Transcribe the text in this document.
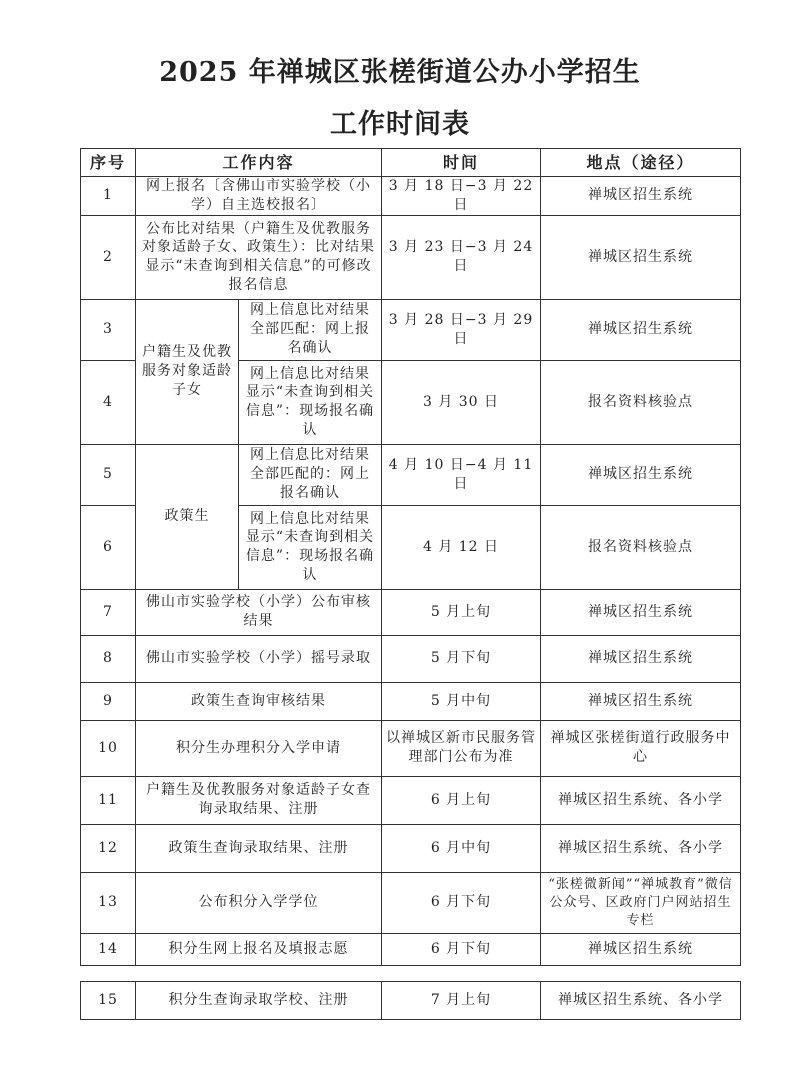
2025 年禅城区张槎街道公办小学招生
工作时间表
序号	工作内容		时间	地点（途径）
1	网上报名〔含佛山市实验学校（小学）自主选校报名〕		3 月 18 日−3 月 22 日	禅城区招生系统
2	公布比对结果（户籍生及优教服务对象适龄子女、政策生）：比对结果显示“未查询到相关信息”的可修改报名信息		3 月 23 日−3 月 24 日	禅城区招生系统
3	户籍生及优教服务对象适龄子女	网上信息比对结果全部匹配：网上报名确认	3 月 28 日−3 月 29 日	禅城区招生系统
4		网上信息比对结果显示“未查询到相关信息”：现场报名确认	3 月 30 日	报名资料核验点
5	政策生	网上信息比对结果全部匹配的：网上报名确认	4 月 10 日−4 月 11 日	禅城区招生系统
6		网上信息比对结果显示“未查询到相关信息”：现场报名确认	4 月 12 日	报名资料核验点
7	佛山市实验学校（小学）公布审核结果		5 月上旬	禅城区招生系统
8	佛山市实验学校（小学）摇号录取		5 月下旬	禅城区招生系统
9	政策生查询审核结果		5 月中旬	禅城区招生系统
10	积分生办理积分入学申请		以禅城区新市民服务管理部门公布为准	禅城区张槎街道行政服务中心
11	户籍生及优教服务对象适龄子女查询录取结果、注册		6 月上旬	禅城区招生系统、各小学
12	政策生查询录取结果、注册		6 月中旬	禅城区招生系统、各小学
13	公布积分入学学位		6 月下旬	“张槎微新闻”“禅城教育”微信公众号、区政府门户网站招生专栏
14	积分生网上报名及填报志愿		6 月下旬	禅城区招生系统
15	积分生查询录取学校、注册	7 月上旬	禅城区招生系统、各小学
